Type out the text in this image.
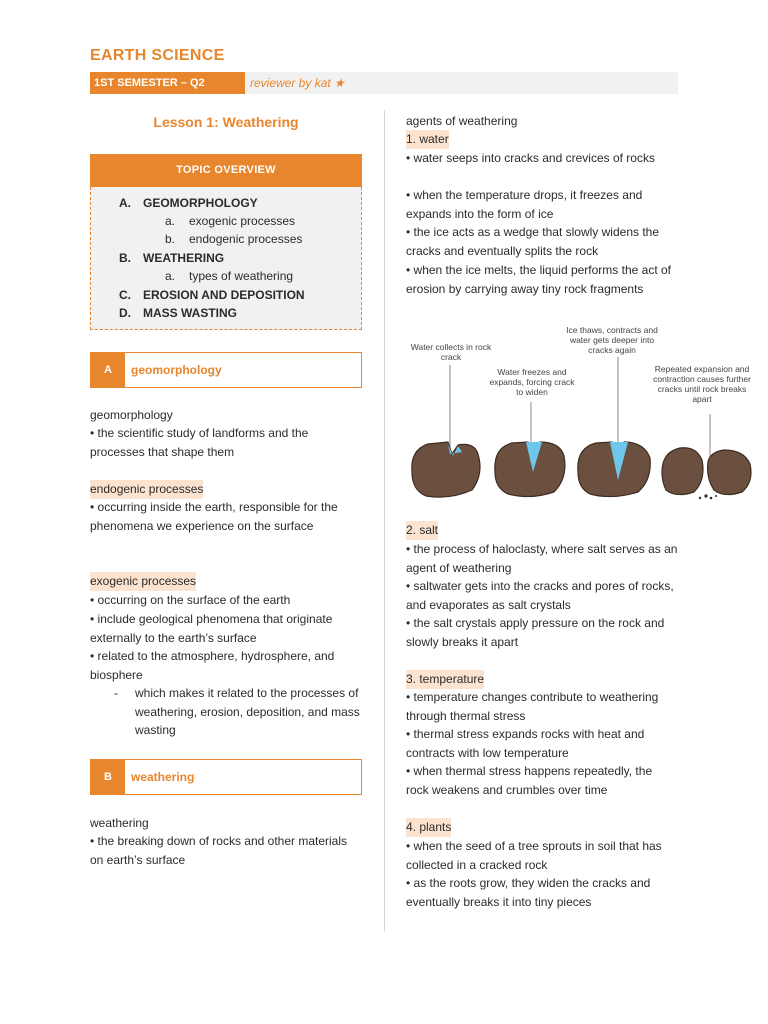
EARTH SCIENCE
1ST SEMESTER – Q2	reviewer by kat ★
Lesson 1: Weathering
TOPIC OVERVIEW
A. GEOMORPHOLOGY
a. exogenic processes
b. endogenic processes
B. WEATHERING
a. types of weathering
C. EROSION AND DEPOSITION
D. MASS WASTING
A	geomorphology
geomorphology
• the scientific study of landforms and the processes that shape them
endogenic processes
• occurring inside the earth, responsible for the phenomena we experience on the surface
exogenic processes
• occurring on the surface of the earth
• include geological phenomena that originate externally to the earth’s surface
• related to the atmosphere, hydrosphere, and biosphere
- which makes it related to the processes of weathering, erosion, deposition, and mass wasting
B	weathering
weathering
• the breaking down of rocks and other materials on earth’s surface
agents of weathering
1. water
• water seeps into cracks and crevices of rocks
• when the temperature drops, it freezes and expands into the form of ice
• the ice acts as a wedge that slowly widens the cracks and eventually splits the rock
• when the ice melts, the liquid performs the act of erosion by carrying away tiny rock fragments
Water collects in rock crack
Water freezes and expands, forcing crack to widen
Ice thaws, contracts and water gets deeper into cracks again
Repeated expansion and contraction causes further cracks until rock breaks apart
2. salt
• the process of haloclasty, where salt serves as an agent of weathering
• saltwater gets into the cracks and pores of rocks, and evaporates as salt crystals
• the salt crystals apply pressure on the rock and slowly breaks it apart
3. temperature
• temperature changes contribute to weathering through thermal stress
• thermal stress expands rocks with heat and contracts with low temperature
• when thermal stress happens repeatedly, the rock weakens and crumbles over time
4. plants
• when the seed of a tree sprouts in soil that has collected in a cracked rock
• as the roots grow, they widen the cracks and eventually breaks it into tiny pieces
